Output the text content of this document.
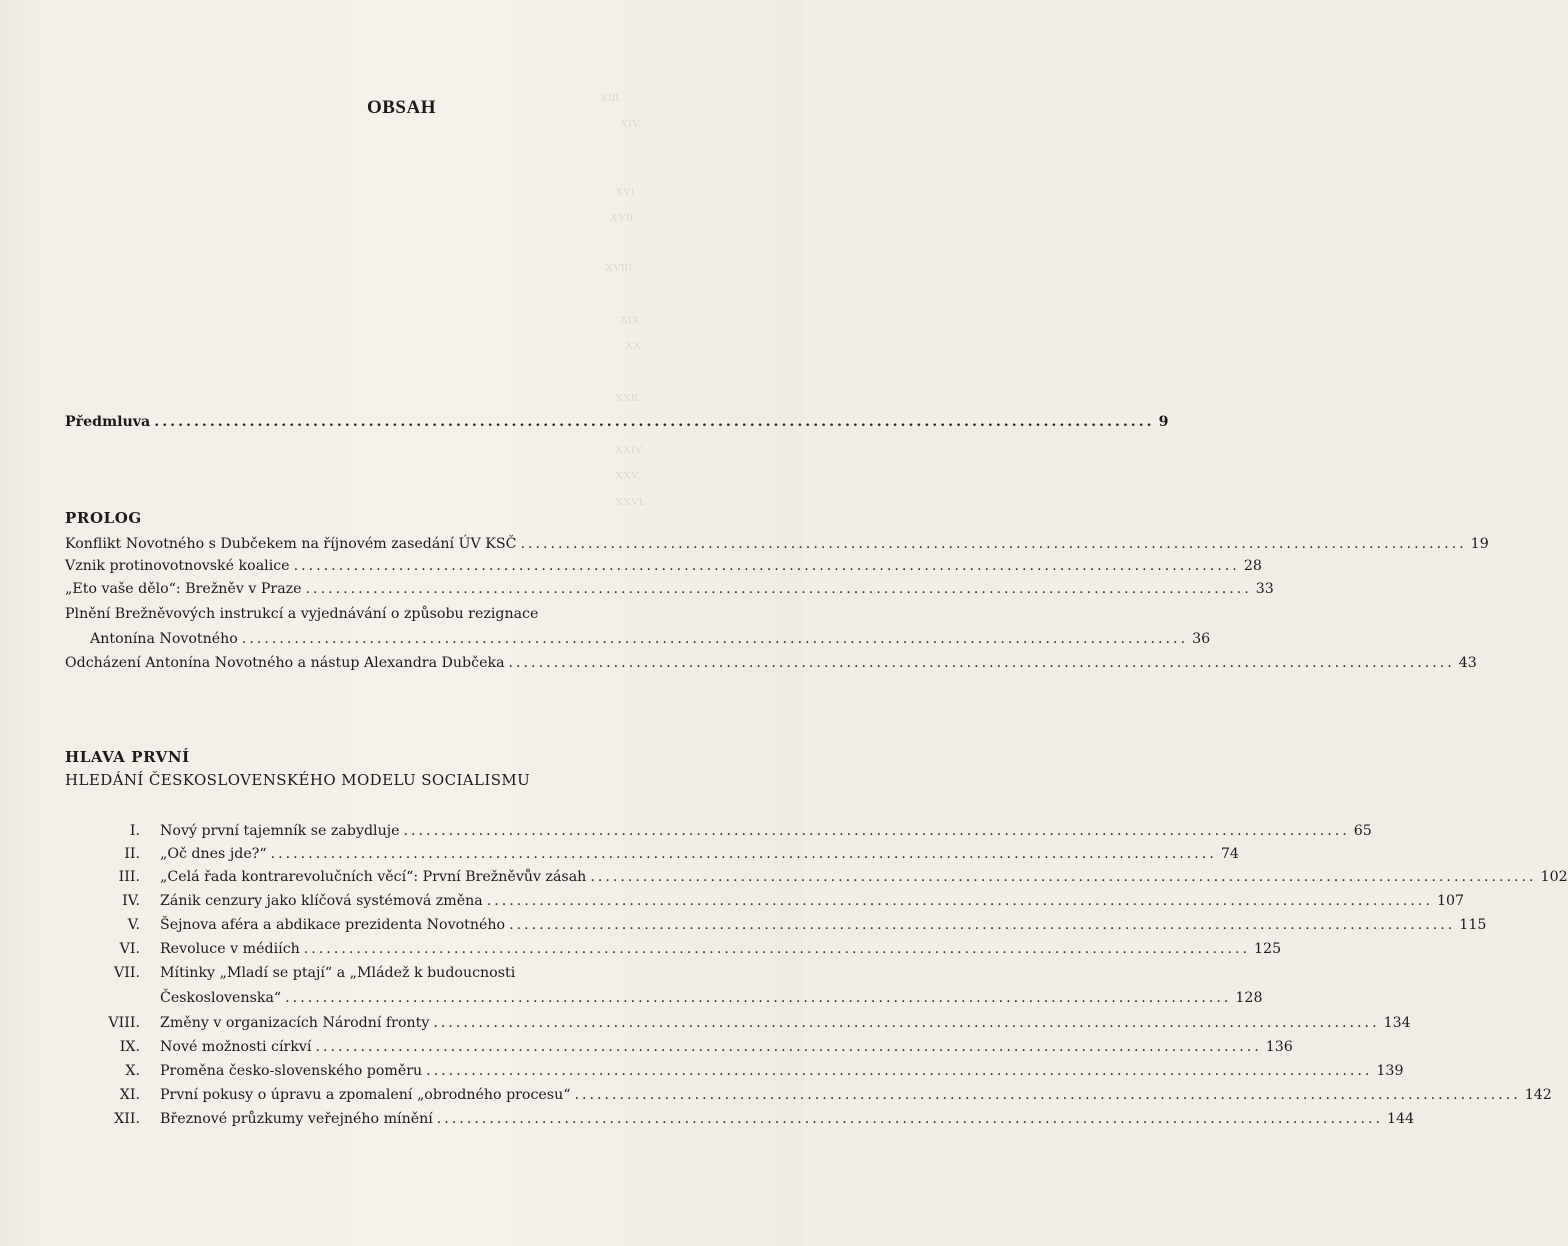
XIII.
XIV.
XVI.
XVII.
XVIII.
XIX.
XX.
XXII.
XXIV.
XXV.
XXVI.
OBSAH
Předmluva .............................................................................................................................. 9
PROLOG
Konflikt Novotného s Dubčekem na říjnovém zasedání ÚV KSČ .............................................................................................................................. 19
Vznik protinovotnovské koalice .............................................................................................................................. 28
„Eto vaše dělo“: Brežněv v Praze .............................................................................................................................. 33
Plnění Brežněvových instrukcí a vyjednávání o způsobu rezignace
Antonína Novotného .............................................................................................................................. 36
Odcházení Antonína Novotného a nástup Alexandra Dubčeka .............................................................................................................................. 43
HLAVA PRVNÍ
HLEDÁNÍ ČESKOSLOVENSKÉHO MODELU SOCIALISMU
I. Nový první tajemník se zabydluje .............................................................................................................................. 65
II. „Oč dnes jde?“ .............................................................................................................................. 74
III. „Celá řada kontrarevolučních věcí“: První Brežněvův zásah .............................................................................................................................. 102
IV. Zánik cenzury jako klíčová systémová změna .............................................................................................................................. 107
V. Šejnova aféra a abdikace prezidenta Novotného .............................................................................................................................. 115
VI. Revoluce v médiích .............................................................................................................................. 125
VII. Mítinky „Mladí se ptají“ a „Mládež k budoucnosti
Československa“ .............................................................................................................................. 128
VIII. Změny v organizacích Národní fronty .............................................................................................................................. 134
IX. Nové možnosti církví .............................................................................................................................. 136
X. Proměna česko-slovenského poměru .............................................................................................................................. 139
XI. První pokusy o úpravu a zpomalení „obrodného procesu“ .............................................................................................................................. 142
XII. Březnové průzkumy veřejného mínění .............................................................................................................................. 144
